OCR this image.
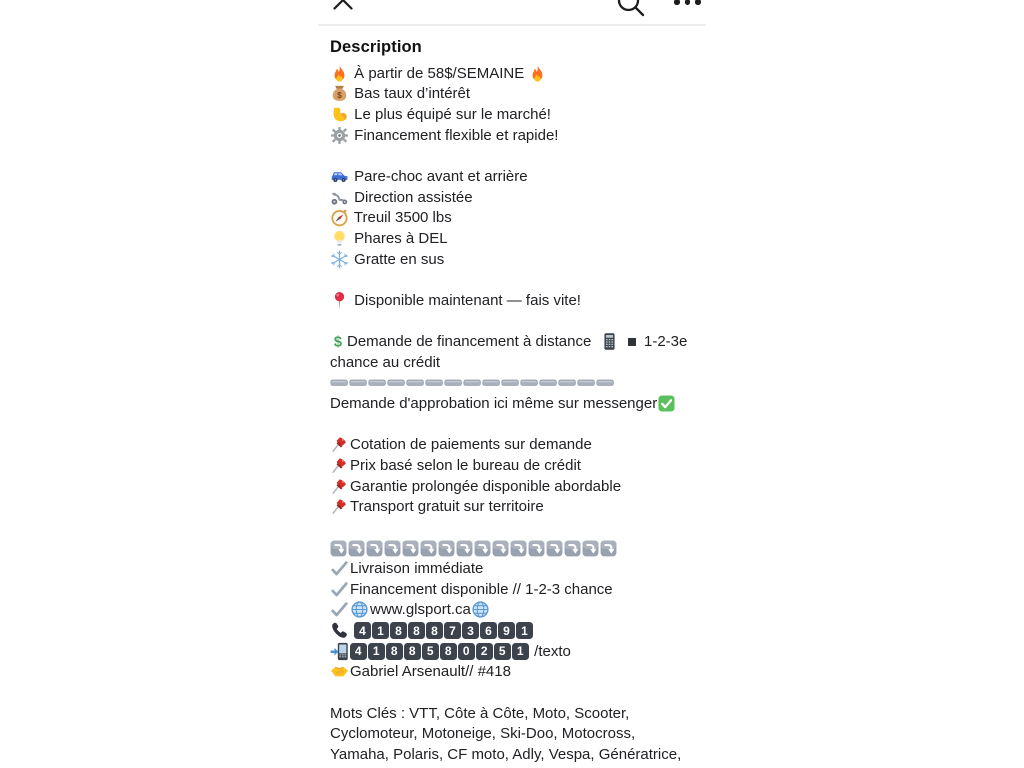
Description
À partir de 58$/SEMAINE
$ Bas taux d’intérêt
Le plus équipé sur le marché!
Financement flexible et rapide!
Pare-choc avant et arrière
Direction assistée
Treuil 3500 lbs
Phares à DEL
Gratte en sus
Disponible maintenant — fais vite!
$ Demande de financement à distance
	1-2-3e
chance au crédit
Demande d'approbation ici même sur messenger
Cotation de paiements sur demande
Prix basé selon le bureau de crédit
Garantie prolongée disponible abordable
Transport gratuit sur territoire
Livraison immédiate
Financement disponible // 1-2-3 chance
www.glsport.ca

4 1 8 8 8 7 3 6 9 1
4 1 8 8 5 8 0 2 5 1 /texto
Gabriel Arsenault// #418
Mots Clés : VTT, Côte à Côte, Moto, Scooter,
Cyclomoteur, Motoneige, Ski-Doo, Motocross,
Yamaha, Polaris, CF moto, Adly, Vespa, Génératrice,
